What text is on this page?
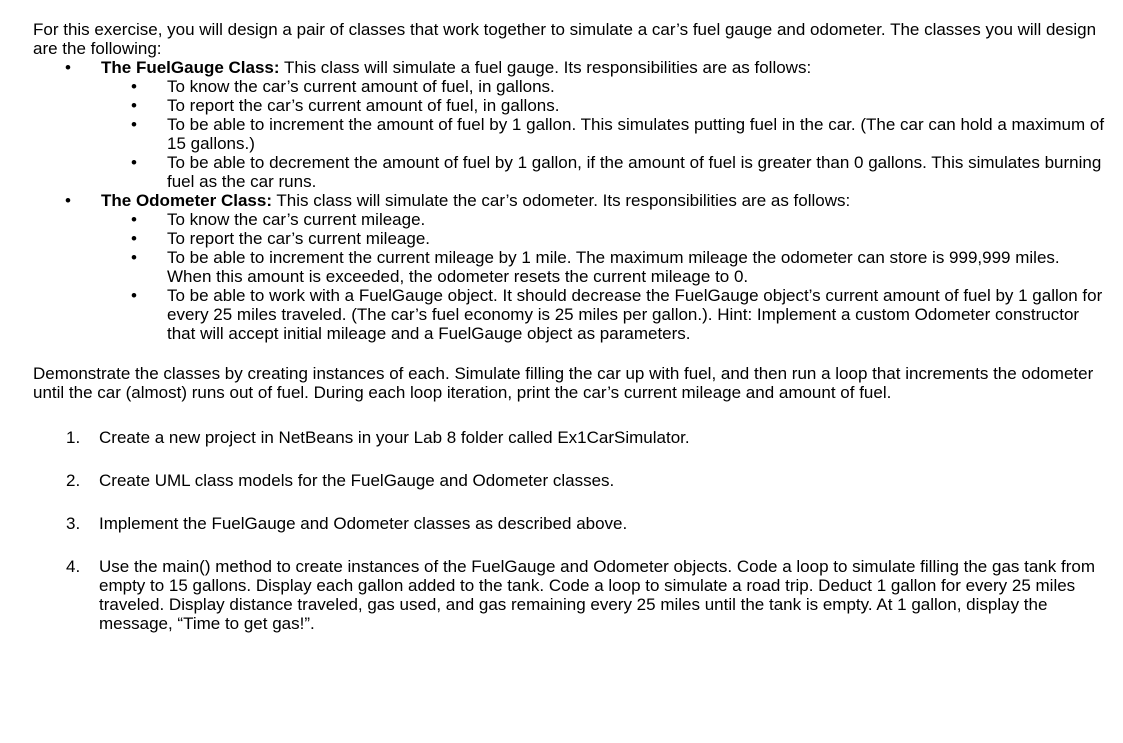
For this exercise, you will design a pair of classes that work together to simulate a car’s fuel gauge and odometer. The classes you will design are the following:

• The FuelGauge Class: This class will simulate a fuel gauge. Its responsibilities are as follows:
• To know the car’s current amount of fuel, in gallons.
• To report the car’s current amount of fuel, in gallons.
• To be able to increment the amount of fuel by 1 gallon. This simulates putting fuel in the car. (The car can hold a maximum of 15 gallons.)
• To be able to decrement the amount of fuel by 1 gallon, if the amount of fuel is greater than 0 gallons. This simulates burning fuel as the car runs.
• The Odometer Class: This class will simulate the car’s odometer. Its responsibilities are as follows:
• To know the car’s current mileage.
• To report the car’s current mileage.
• To be able to increment the current mileage by 1 mile. The maximum mileage the odometer can store is 999,999 miles. When this amount is exceeded, the odometer resets the current mileage to 0.
• To be able to work with a FuelGauge object. It should decrease the FuelGauge object’s current amount of fuel by 1 gallon for every 25 miles traveled. (The car’s fuel economy is 25 miles per gallon.). Hint: Implement a custom Odometer constructor that will accept initial mileage and a FuelGauge object as parameters.

Demonstrate the classes by creating instances of each. Simulate filling the car up with fuel, and then run a loop that increments the odometer until the car (almost) runs out of fuel. During each loop iteration, print the car’s current mileage and amount of fuel.

1. Create a new project in NetBeans in your Lab 8 folder called Ex1CarSimulator.
2. Create UML class models for the FuelGauge and Odometer classes.
3. Implement the FuelGauge and Odometer classes as described above.
4. Use the main() method to create instances of the FuelGauge and Odometer objects. Code a loop to simulate filling the gas tank from empty to 15 gallons. Display each gallon added to the tank. Code a loop to simulate a road trip. Deduct 1 gallon for every 25 miles traveled. Display distance traveled, gas used, and gas remaining every 25 miles until the tank is empty. At 1 gallon, display the message, “Time to get gas!”.
